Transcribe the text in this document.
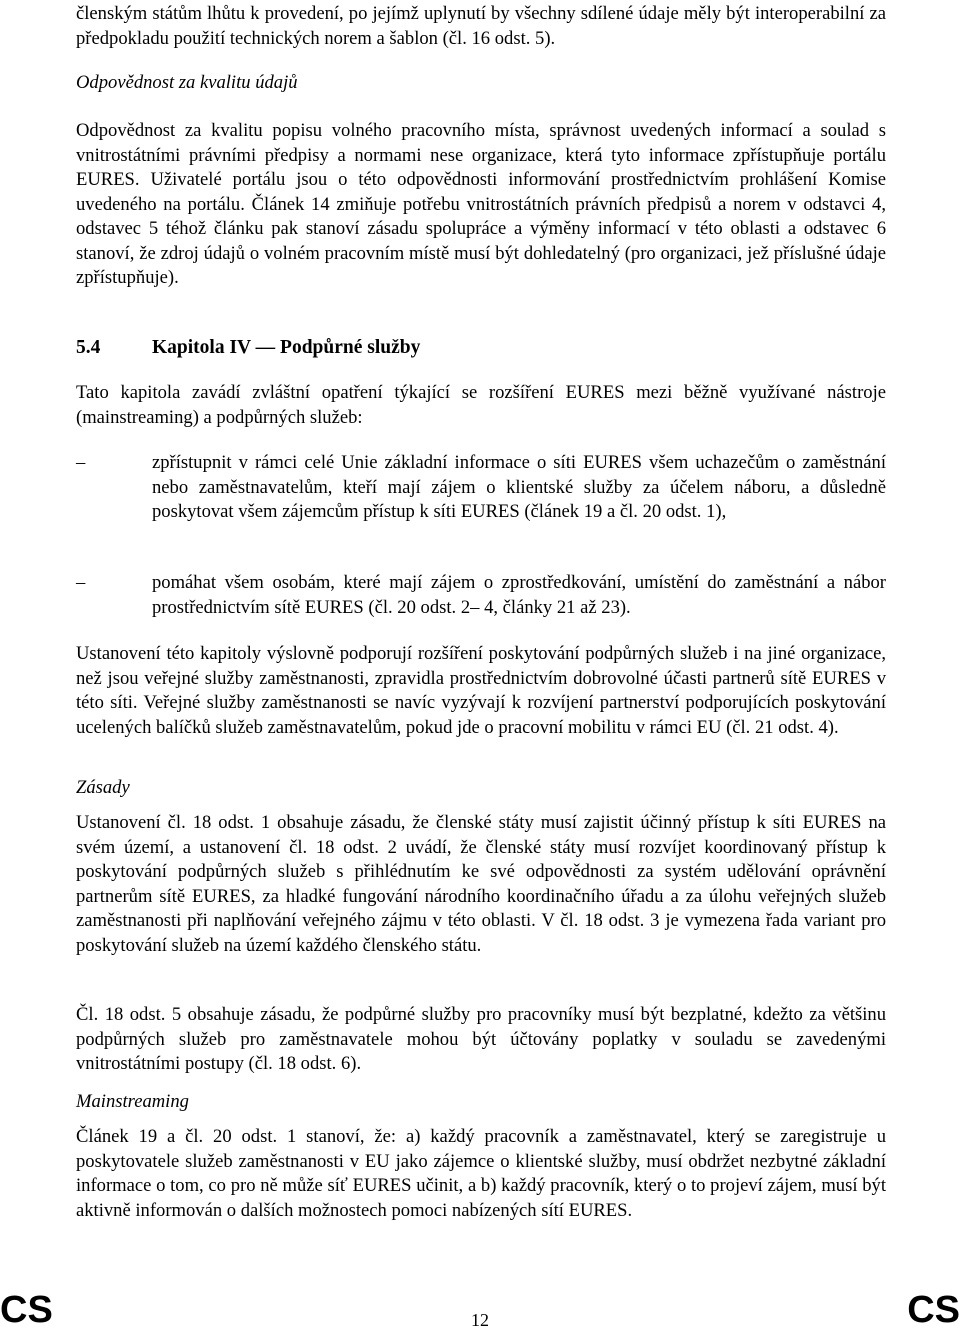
členským státům lhůtu k provedení, po jejímž uplynutí by všechny sdílené údaje měly být interoperabilní za předpokladu použití technických norem a šablon (čl. 16 odst. 5).

Odpovědnost za kvalitu údajů

Odpovědnost za kvalitu popisu volného pracovního místa, správnost uvedených informací a soulad s vnitrostátními právními předpisy a normami nese organizace, která tyto informace zpřístupňuje portálu EURES. Uživatelé portálu jsou o této odpovědnosti informování prostřednictvím prohlášení Komise uvedeného na portálu. Článek 14 zmiňuje potřebu vnitrostátních právních předpisů a norem v odstavci 4, odstavec 5 téhož článku pak stanoví zásadu spolupráce a výměny informací v této oblasti a odstavec 6 stanoví, že zdroj údajů o volném pracovním místě musí být dohledatelný (pro organizaci, jež příslušné údaje zpřístupňuje).

5.4	Kapitola IV — Podpůrné služby

Tato kapitola zavádí zvláštní opatření týkající se rozšíření EURES mezi běžně využívané nástroje (mainstreaming) a podpůrných služeb:

–	zpřístupnit v rámci celé Unie základní informace o síti EURES všem uchazečům o zaměstnání nebo zaměstnavatelům, kteří mají zájem o klientské služby za účelem náboru, a důsledně poskytovat všem zájemcům přístup k síti EURES (článek 19 a čl. 20 odst. 1),
–	pomáhat všem osobám, které mají zájem o zprostředkování, umístění do zaměstnání a nábor prostřednictvím sítě EURES (čl. 20 odst. 2– 4, články 21 až 23).

Ustanovení této kapitoly výslovně podporují rozšíření poskytování podpůrných služeb i na jiné organizace, než jsou veřejné služby zaměstnanosti, zpravidla prostřednictvím dobrovolné účasti partnerů sítě EURES v této síti. Veřejné služby zaměstnanosti se navíc vyzývají k rozvíjení partnerství podporujících poskytování ucelených balíčků služeb zaměstnavatelům, pokud jde o pracovní mobilitu v rámci EU (čl. 21 odst. 4).

Zásady

Ustanovení čl. 18 odst. 1 obsahuje zásadu, že členské státy musí zajistit účinný přístup k síti EURES na svém území, a ustanovení čl. 18 odst. 2 uvádí, že členské státy musí rozvíjet koordinovaný přístup k poskytování podpůrných služeb s přihlédnutím ke své odpovědnosti za systém udělování oprávnění partnerům sítě EURES, za hladké fungování národního koordinačního úřadu a za úlohu veřejných služeb zaměstnanosti při naplňování veřejného zájmu v této oblasti. V čl. 18 odst. 3 je vymezena řada variant pro poskytování služeb na území každého členského státu.

Čl. 18 odst. 5 obsahuje zásadu, že podpůrné služby pro pracovníky musí být bezplatné, kdežto za většinu podpůrných služeb pro zaměstnavatele mohou být účtovány poplatky v souladu se zavedenými vnitrostátními postupy (čl. 18 odst. 6).

Mainstreaming

Článek 19 a čl. 20 odst. 1 stanoví, že: a) každý pracovník a zaměstnavatel, který se zaregistruje u poskytovatele služeb zaměstnanosti v EU jako zájemce o klientské služby, musí obdržet nezbytné základní informace o tom, co pro ně může síť EURES učinit, a b) každý pracovník, který o to projeví zájem, musí být aktivně informován o dalších možnostech pomoci nabízených sítí EURES.

CS	12	CS
